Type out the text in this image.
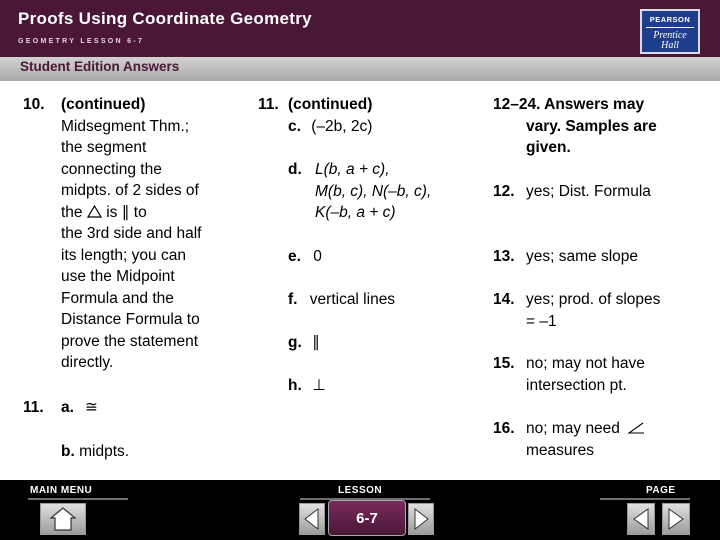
Proofs Using Coordinate Geometry
GEOMETRY LESSON 6-7
PEARSON
Prentice
Hall
Student Edition Answers
10. (continued)
Midsegment Thm.;
the segment
connecting the
midpts. of 2 sides of
the is ∥ to
the 3rd side and half
its length; you can
use the Midpoint
Formula and the
Distance Formula to
prove the statement
directly.
11. a. ≅
b. midpts.
11. (continued)
c. (–2b, 2c)
d. L(b, a + c),
M(b, c), N(–b, c),
K(–b, a + c)
e. 0
f. vertical lines
g. ∥
h. ⊥
12–24. Answers may
vary. Samples are
given.
12. yes; Dist. Formula
13. yes; same slope
14. yes; prod. of slopes
= –1
15. no; may not have
intersection pt.
16. no; may need
measures
MAIN MENU	LESSON
6-7
PAGE
